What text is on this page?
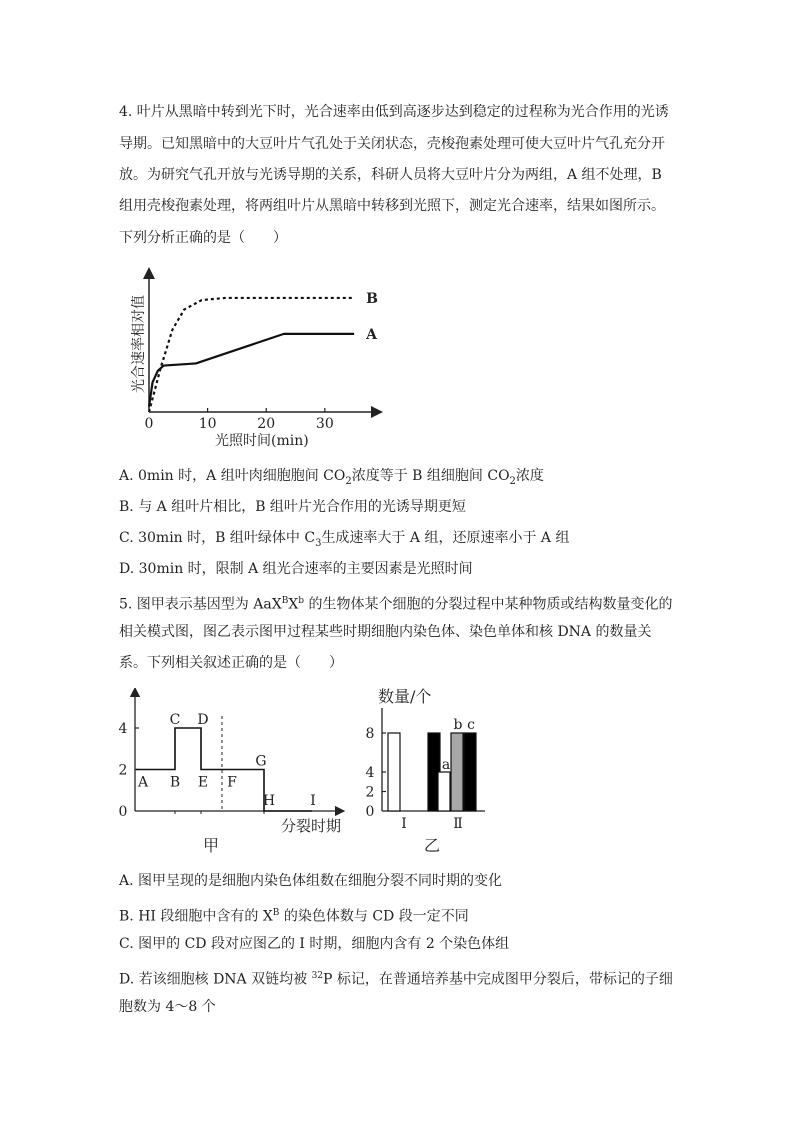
4. 叶片从黑暗中转到光下时，光合速率由低到高逐步达到稳定的过程称为光合作用的光诱
导期。已知黑暗中的大豆叶片气孔处于关闭状态，壳梭孢素处理可使大豆叶片气孔充分开
放。为研究气孔开放与光诱导期的关系，科研人员将大豆叶片分为两组，A 组不处理，B
组用壳梭孢素处理，将两组叶片从黑暗中转移到光照下，测定光合速率，结果如图所示。
下列分析正确的是（　　）
0	10	20	30
A
B
光合速率相对值
光照时间(min)
A. 0min 时，A 组叶肉细胞胞间 $CO_2$浓度等于 B 组细胞间 $CO_2$浓度
B. 与 A 组叶片相比，B 组叶片光合作用的光诱导期更短
C. 30min 时，B 组叶绿体中 $C_3$生成速率大于 A 组，还原速率小于 A 组
D. 30min 时，限制 A 组光合速率的主要因素是光照时间
5. 图甲表示基因型为 $AaX^BX^b$ 的生物体某个细胞的分裂过程中某种物质或结构数量变化的
相关模式图，图乙表示图甲过程某些时期细胞内染色体、染色单体和核 DNA 的数量关
系。下列相关叙述正确的是（　　）
0
2
4
A B
C D
E F
G
H	I
分裂时期
甲
数量/个
0
2
4
8
a
b c
Ⅰ	Ⅱ
乙
A. 图甲呈现的是细胞内染色体组数在细胞分裂不同时期的变化
B. HI 段细胞中含有的 $X^B$ 的染色体数与 CD 段一定不同
C. 图甲的 CD 段对应图乙的 I 时期，细胞内含有 2 个染色体组
D. 若该细胞核 DNA 双链均被 $^{32}$P 标记，在普通培养基中完成图甲分裂后，带标记的子细
胞数为 4～8 个
